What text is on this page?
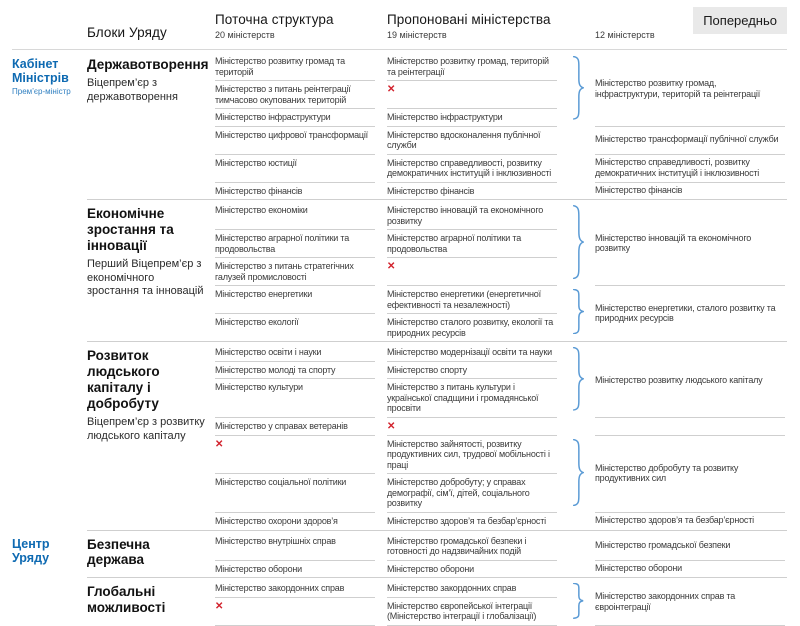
Блоки Уряду
Поточна структура
20 міністерств
Пропоновані міністерства
19 міністерств	12 міністерств
Попередньо
Кабінет Міністрів
Прем’єр-міністр
Державотворення
Віцепрем’єр з державотворення
Міністерство розвитку громад та територій
Міністерство з питань реінтеграції тимчасово окупованих територій
Міністерство інфраструктури
Міністерство цифрової трансформації
Міністерство юстиції
Міністерство фінансів
Міністерство розвитку громад, територій та реінтеграції
✕
Міністерство інфраструктури
Міністерство вдосконалення публічної служби
Міністерство справедливості, розвитку демократичних інституцій і інклюзивності
Міністерство фінансів
Міністерство розвитку громад, інфраструктури, територій та реінтеграції
Міністерство трансформації публічної служби
Міністерство справедливості, розвитку демократичних інституцій і інклюзивності
Міністерство фінансів
Економічне зростання та інновації
Перший Віцепрем’єр з економічного зростання та інновацій
Міністерство економіки
Міністерство аграрної політики та продовольства
Міністерство з питань стратегічних галузей промисловості
Міністерство енергетики
Міністерство екології
Міністерство інновацій та економічного розвитку
Міністерство аграрної політики та продовольства
✕
Міністерство енергетики (енергетичної ефективності та незалежності)
Міністерство сталого розвитку, екології та природних ресурсів
Міністерство інновацій та економічного розвитку
Міністерство енергетики, сталого розвитку та природних ресурсів
Розвиток людського капіталу і добробуту
Віцепрем’єр з розвитку людського капіталу
Міністерство освіти і науки
Міністерство молоді та спорту
Міністерство культури
Міністерство у справах ветеранів
✕
Міністерство соціальної політики
Міністерство охорони здоров’я
Міністерство модернізації освіти та науки
Міністерство спорту
Міністерство з питань культури і української спадщини і громадянської просвіти
✕
Міністерство зайнятості, розвитку продуктивних сил, трудової мобільності і праці
Міністерство добробуту; у справах демографії, сім’ї, дітей, соціального розвитку
Міністерство здоров’я та безбар’єрності
Міністерство розвитку людського капіталу
Міністерство добробуту та розвитку продуктивних сил
Міністерство здоров’я та безбар’єрності
Центр Уряду
Безпечна держава
Міністерство внутрішніх справ
Міністерство оборони
Міністерство громадської безпеки і готовності до надзвичайних подій
Міністерство оборони
Міністерство громадської безпеки
Міністерство оборони
Глобальні можливості
Міністерство закордонних справ
✕
Міністерство закордонних справ
Міністерство європейської інтеграції (Міністерство інтеграції і глобалізації)
Міністерство закордонних справ та євроінтеграції
